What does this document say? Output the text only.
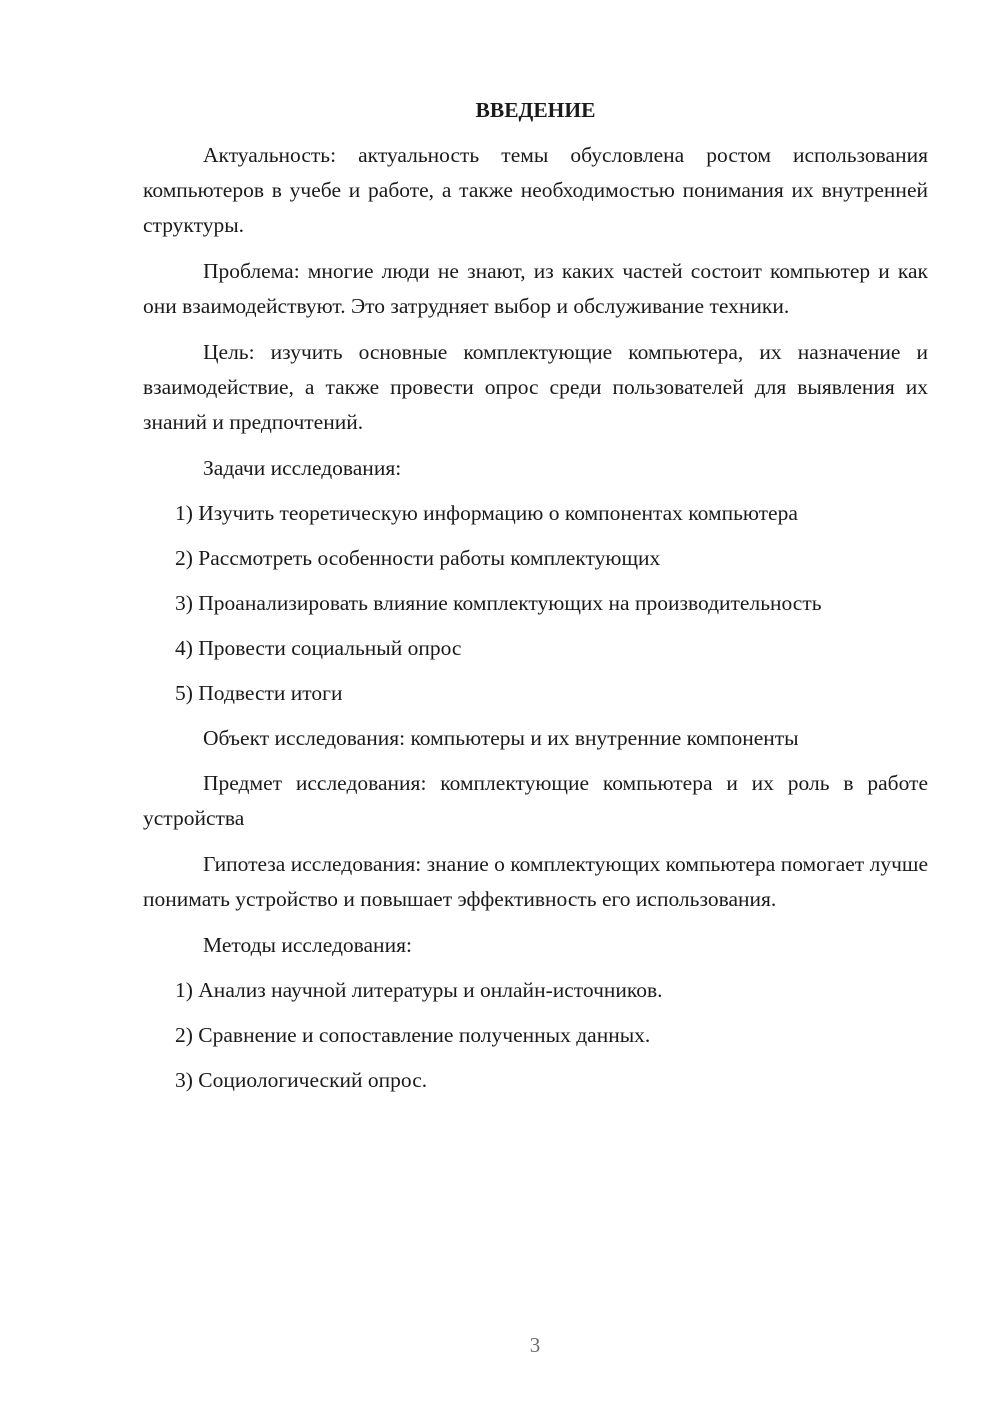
ВВЕДЕНИЕ

Актуальность: актуальность темы обусловлена ростом использования компьютеров в учебе и работе, а также необходимостью понимания их внутренней структуры.

Проблема: многие люди не знают, из каких частей состоит компьютер и как они взаимодействуют. Это затрудняет выбор и обслуживание техники.

Цель: изучить основные комплектующие компьютера, их назначение и взаимодействие, а также провести опрос среди пользователей для выявления их знаний и предпочтений.

Задачи исследования:

1) Изучить теоретическую информацию о компонентах компьютера

2) Рассмотреть особенности работы комплектующих

3) Проанализировать влияние комплектующих на производительность

4) Провести социальный опрос

5) Подвести итоги

Объект исследования: компьютеры и их внутренние компоненты

Предмет исследования: комплектующие компьютера и их роль в работе устройства

Гипотеза исследования: знание о комплектующих компьютера помогает лучше понимать устройство и повышает эффективность его использования.

Методы исследования:

1) Анализ научной литературы и онлайн-источников.

2) Сравнение и сопоставление полученных данных.

3) Социологический опрос.

3
